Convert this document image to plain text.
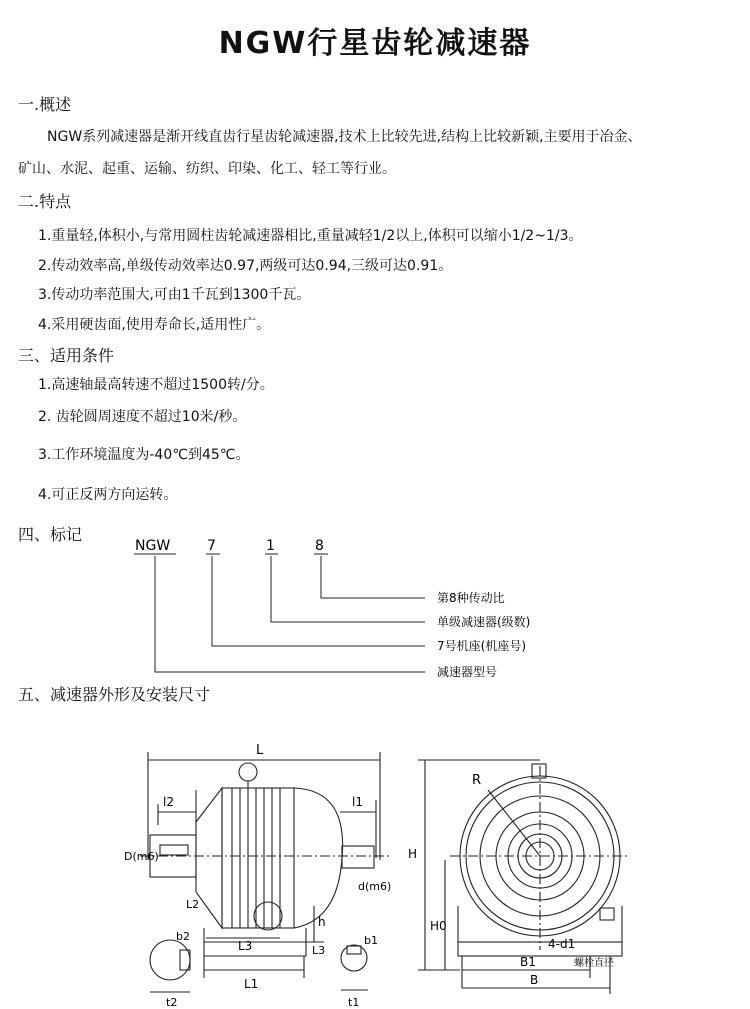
NGW行星齿轮减速器
一.概述
NGW系列减速器是渐开线直齿行星齿轮减速器,技术上比较先进,结构上比较新颖,主要用于冶金、
矿山、水泥、起重、运输、纺织、印染、化工、轻工等行业。
二.特点
1.重量轻,体积小,与常用圆柱齿轮减速器相比,重量减轻1/2以上,体积可以缩小1/2~1/3。
2.传动效率高,单级传动效率达0.97,两级可达0.94,三级可达0.91。
3.传动功率范围大,可由1千瓦到1300千瓦。
4.采用硬齿面,使用寿命长,适用性广。
三、适用条件
1.高速轴最高转速不超过1500转/分。
2. 齿轮圆周速度不超过10米/秒。
3.工作环境温度为-40℃到45℃。
4.可正反两方向运转。
四、标记
NGW	7	1	8
第8种传动比
单级减速器(级数)
7号机座(机座号)
减速器型号
五、减速器外形及安装尺寸
L
l2	l1
D(m6)
d(m6)
L2
L3
L1
h
L3
b2
t2
b1
t1
R
H
H0
B1
B
4-d1
螺栓直径
